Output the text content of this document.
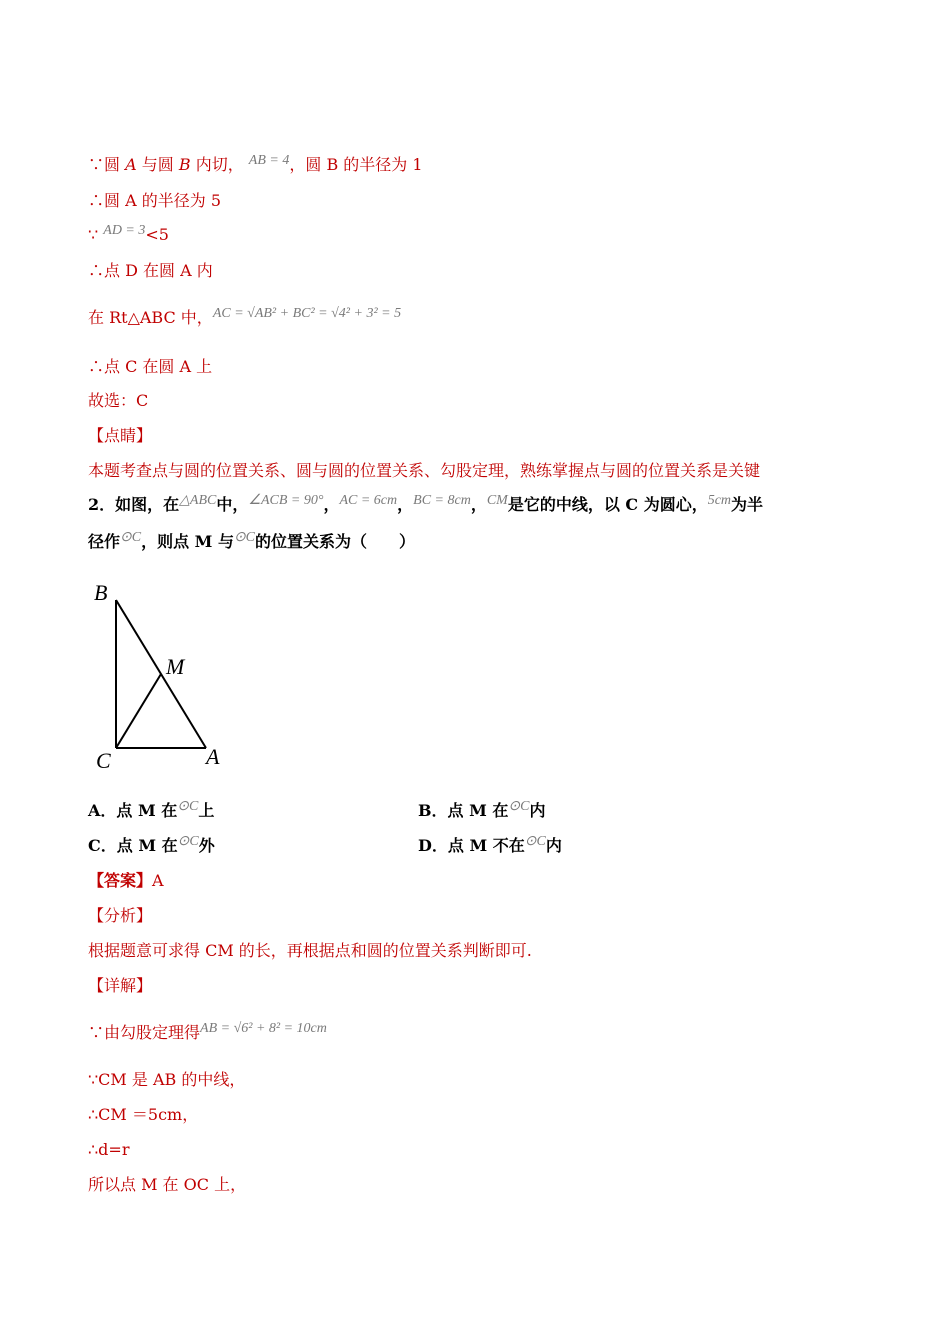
∵圆 A 与圆 B 内切， AB = 4，圆 B 的半径为 1
∴圆 A 的半径为 5
∵ AD = 3<5
∴点 D 在圆 A 内
在 Rt△ABC 中，AC = √AB² + BC² = √4² + 3² = 5
∴点 C 在圆 A 上
故选：C
【点睛】
本题考查点与圆的位置关系、圆与圆的位置关系、勾股定理，熟练掌握点与圆的位置关系是关键
2．如图，在△ABC中，∠ACB = 90°，AC = 6cm，BC = 8cm，CM是它的中线，以 C 为圆心，5cm为半
径作⊙C，则点 M 与⊙C的位置关系为（　　）
B
M
C	A
A．点 M 在⊙C上	B．点 M 在⊙C内
C．点 M 在⊙C外	D．点 M 不在⊙C内
【答案】A
【分析】
根据题意可求得 CM 的长，再根据点和圆的位置关系判断即可.
【详解】
∵由勾股定理得AB = √6² + 8² = 10cm
∵CM 是 AB 的中线，
∴CM ＝5cm，
∴d=r
所以点 M 在 OC 上，
